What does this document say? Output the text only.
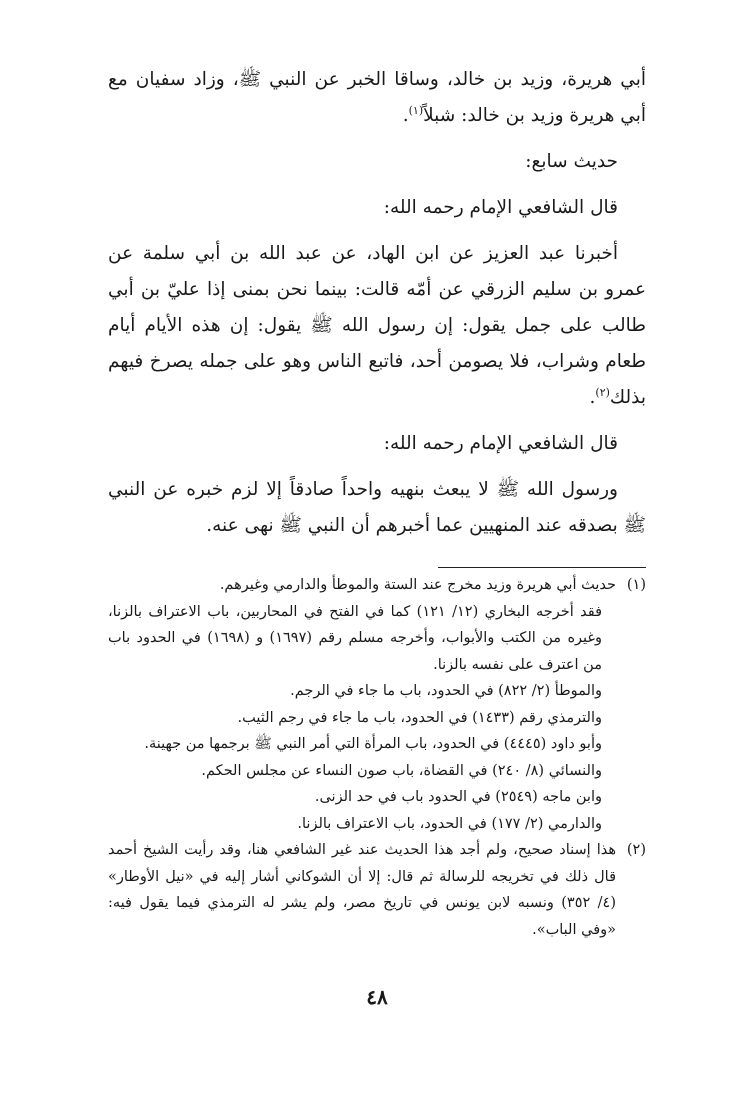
أبي هريرة، وزيد بن خالد، وساقا الخبر عن النبي ﷺ، وزاد سفيان مع أبي هريرة وزيد بن خالد: شبلاً$^{(١)}$.

حديث سابع:

قال الشافعي الإمام رحمه الله:

أخبرنا عبد العزيز عن ابن الهاد، عن عبد الله بن أبي سلمة عن عمرو بن سليم الزرقي عن أمّه قالت: بينما نحن بمنى إذا عليّ بن أبي طالب على جمل يقول: إن رسول الله ﷺ يقول: إن هذه الأيام أيام طعام وشراب، فلا يصومن أحد، فاتبع الناس وهو على جمله يصرخ فيهم بذلك$^{(٢)}$.

قال الشافعي الإمام رحمه الله:

ورسول الله ﷺ لا يبعث بنهيه واحداً صادقاً إلا لزم خبره عن النبي ﷺ بصدقه عند المنهيين عما أخبرهم أن النبي ﷺ نهى عنه.

(١)
حديث أبي هريرة وزيد مخرج عند الستة والموطأ والدارمي وغيرهم.
فقد أخرجه البخاري (١٢/ ١٢١) كما في الفتح في المحاربين، باب الاعتراف بالزنا، وغيره من الكتب والأبواب، وأخرجه مسلم رقم (١٦٩٧) و (١٦٩٨) في الحدود باب من اعترف على نفسه بالزنا.
والموطأ (٢/ ٨٢٢) في الحدود، باب ما جاء في الرجم.
والترمذي رقم (١٤٣٣) في الحدود، باب ما جاء في رجم الثيب.
وأبو داود (٤٤٤٥) في الحدود، باب المرأة التي أمر النبي ﷺ برجمها من جهينة.
والنسائي (٨/ ٢٤٠) في القضاة، باب صون النساء عن مجلس الحكم.
وابن ماجه (٢٥٤٩) في الحدود باب في حد الزنى.
والدارمي (٢/ ١٧٧) في الحدود، باب الاعتراف بالزنا.
(٢)
هذا إسناد صحيح، ولم أجد هذا الحديث عند غير الشافعي هنا، وقد رأيت الشيخ أحمد قال ذلك في تخريجه للرسالة ثم قال: إلا أن الشوكاني أشار إليه في «نيل الأوطار» (٤/ ٣٥٢) ونسبه لابن يونس في تاريخ مصر، ولم يشر له الترمذي فيما يقول فيه: «وفي الباب».
٤٨
